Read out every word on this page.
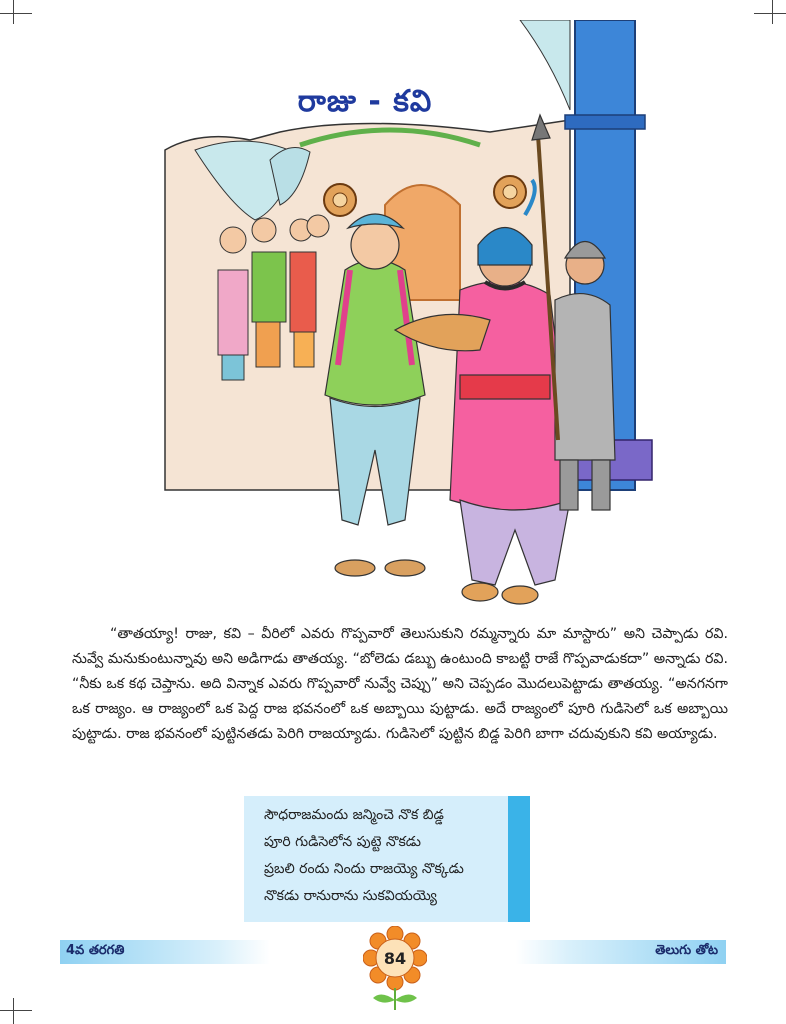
రాజు - కవి

“తాతయ్యా! రాజు, కవి – వీరిలో ఎవరు గొప్పవారో తెలుసుకుని రమ్మన్నారు మా మాస్టారు” అని చెప్పాడు రవి. నువ్వే మనుకుంటున్నావు అని అడిగాడు తాతయ్య. “బోలెడు డబ్బు ఉంటుంది కాబట్టి రాజే గొప్పవాడుకదా” అన్నాడు రవి. “నీకు ఒక కథ చెప్తాను. అది విన్నాక ఎవరు గొప్పవారో నువ్వే చెప్పు” అని చెప్పడం మొదలుపెట్టాడు తాతయ్య. “అనగనగా ఒక రాజ్యం. ఆ రాజ్యంలో ఒక పెద్ద రాజ భవనంలో ఒక అబ్బాయి పుట్టాడు. అదే రాజ్యంలో పూరి గుడిసెలో ఒక అబ్బాయి పుట్టాడు. రాజ భవనంలో పుట్టినతడు పెరిగి రాజయ్యాడు. గుడిసెలో పుట్టిన బిడ్డ పెరిగి బాగా చదువుకుని కవి అయ్యాడు.

సౌధరాజమందు జన్మించె నొక బిడ్డ
పూరి గుడిసెలోన పుట్టె నొకడు
ప్రబలి రందు నిందు రాజయ్యె నొక్కడు
నొకడు రానురాను సుకవియయ్యె
4వ తరగతి	84	తెలుగు తోట
